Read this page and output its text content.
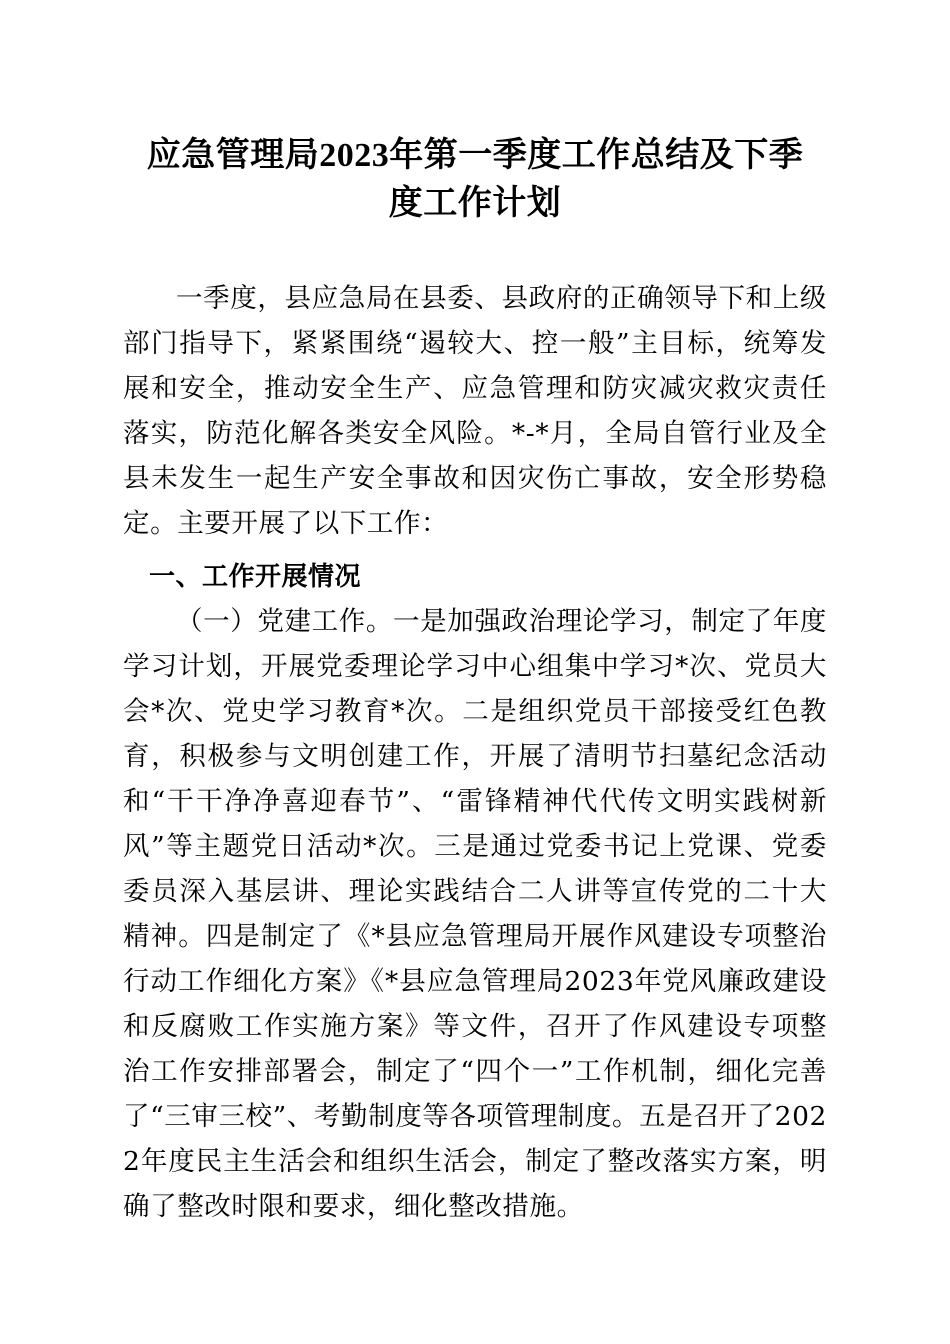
应急管理局2023年第一季度工作总结及下季
度工作计划

一季度，县应急局在县委、县政府的正确领导下和上级部门指导下，紧紧围绕“遏较大、控一般”主目标，统筹发展和安全，推动安全生产、应急管理和防灾减灾救灾责任落实，防范化解各类安全风险。*-*月，全局自管行业及全县未发生一起生产安全事故和因灾伤亡事故，安全形势稳定。主要开展了以下工作：

一、工作开展情况

（一）党建工作。一是加强政治理论学习，制定了年度学习计划，开展党委理论学习中心组集中学习*次、党员大会*次、党史学习教育*次。二是组织党员干部接受红色教育，积极参与文明创建工作，开展了清明节扫墓纪念活动和“干干净净喜迎春节”、“雷锋精神代代传文明实践树新风”等主题党日活动*次。三是通过党委书记上党课、党委委员深入基层讲、理论实践结合二人讲等宣传党的二十大精神。四是制定了《*县应急管理局开展作风建设专项整治行动工作细化方案》《*县应急管理局2023年党风廉政建设和反腐败工作实施方案》等文件，召开了作风建设专项整治工作安排部署会，制定了“四个一”工作机制，细化完善了“三审三校”、考勤制度等各项管理制度。五是召开了2022年度民主生活会和组织生活会，制定了整改落实方案，明确了整改时限和要求，细化整改措施。
